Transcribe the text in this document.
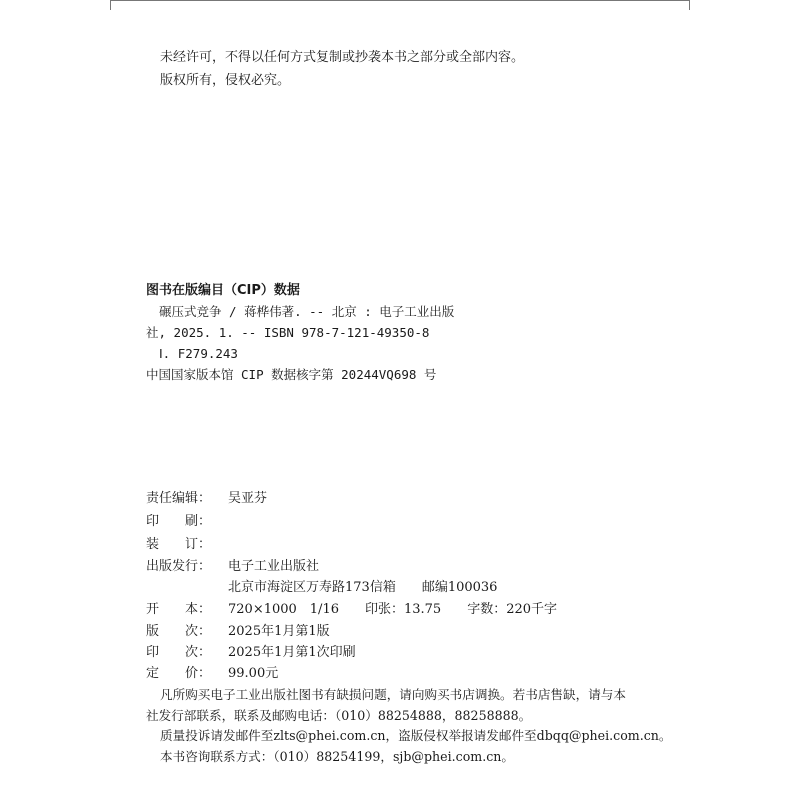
未经许可，不得以任何方式复制或抄袭本书之部分或全部内容。
版权所有，侵权必究。
图书在版编目（CIP）数据
碾压式竞争 / 蒋桦伟著. -- 北京 : 电子工业出版
社, 2025. 1. -- ISBN 978-7-121-49350-8
Ⅰ. F279.243
中国国家版本馆 CIP 数据核字第 20244VQ698 号
责任编辑： 吴亚芬
印　　刷：
装　　订：
出版发行： 电子工业出版社
北京市海淀区万寿路173信箱　　邮编100036
开　　本： 720×1000　1/16　　印张：13.75　　字数：220千字
版　　次： 2025年1月第1版
印　　次： 2025年1月第1次印刷
定　　价： 99.00元
凡所购买电子工业出版社图书有缺损问题，请向购买书店调换。若书店售缺，请与本
社发行部联系，联系及邮购电话：（010）88254888，88258888。
质量投诉请发邮件至zlts@phei.com.cn，盗版侵权举报请发邮件至dbqq@phei.com.cn。
本书咨询联系方式：（010）88254199，sjb@phei.com.cn。
